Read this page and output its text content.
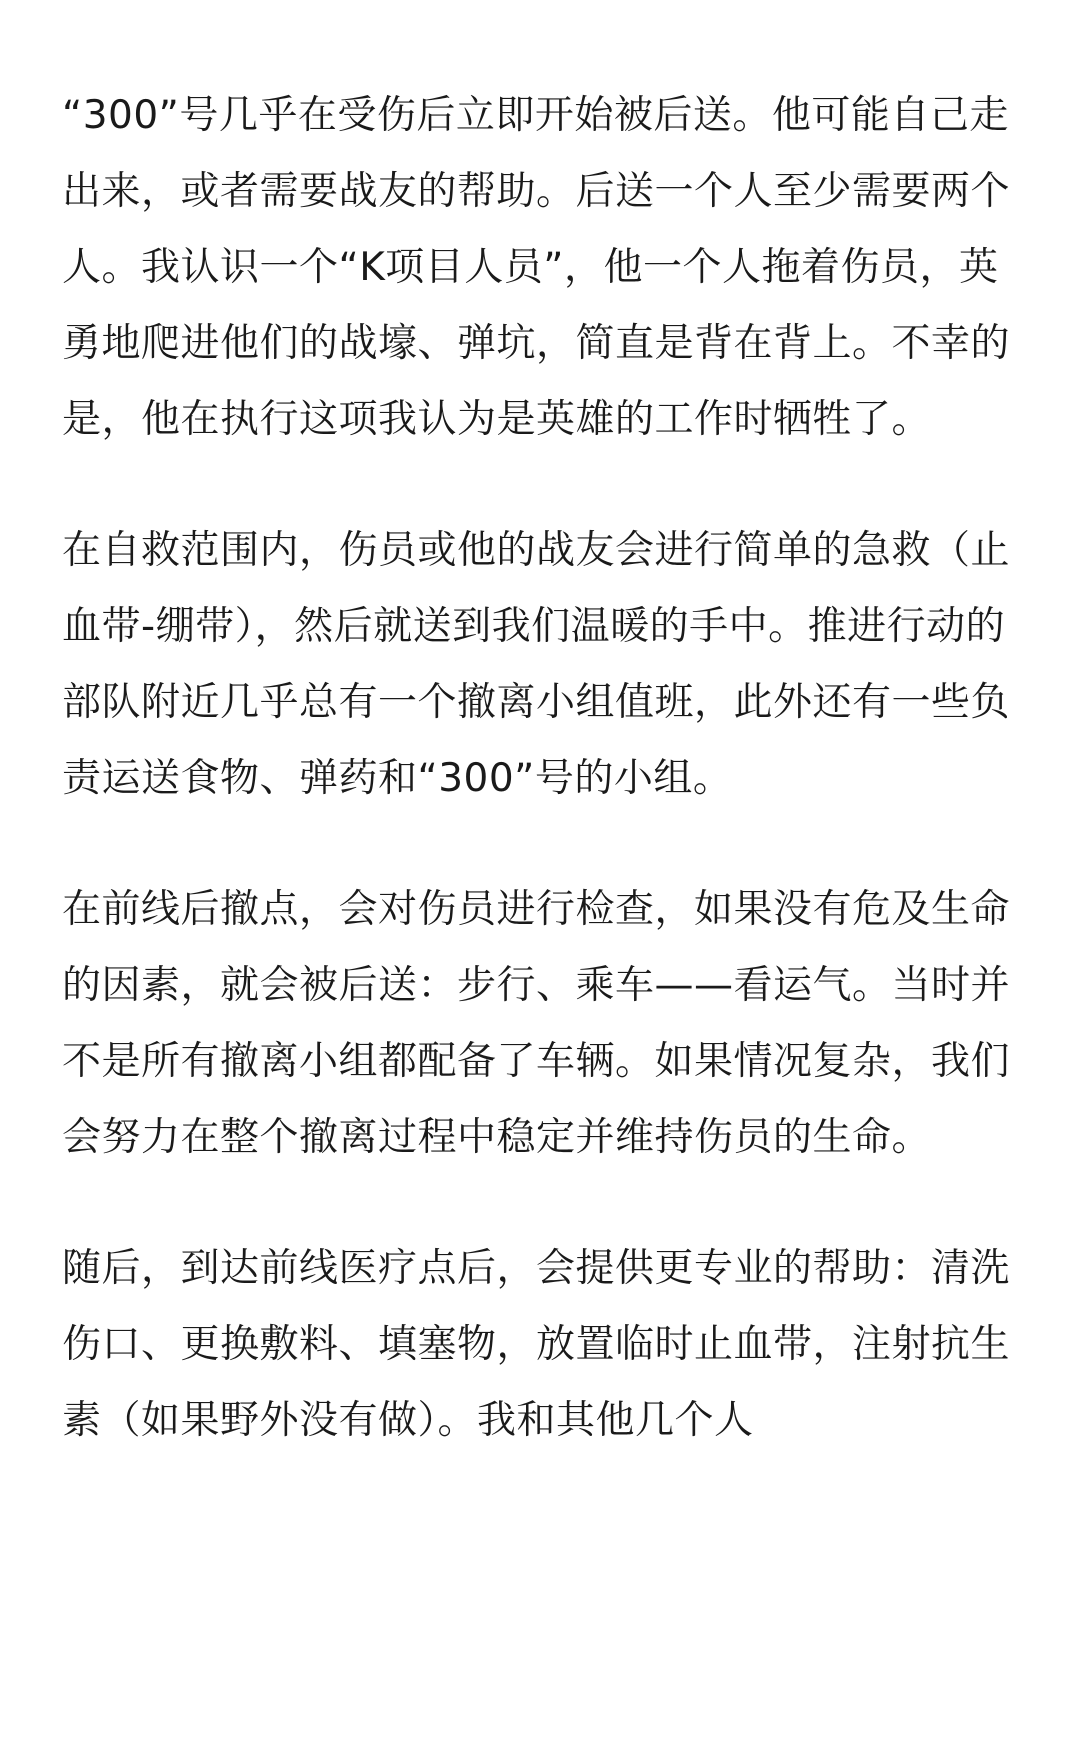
“300”号几乎在受伤后立即开始被后送。他可能自己走出来，或者需要战友的帮助。后送一个人至少需要两个人。我认识一个“K项目人员”，他一个人拖着伤员，英勇地爬进他们的战壕、弹坑，简直是背在背上。不幸的是，他在执行这项我认为是英雄的工作时牺牲了。

在自救范围内，伤员或他的战友会进行简单的急救（止血带-绷带），然后就送到我们温暖的手中。推进行动的部队附近几乎总有一个撤离小组值班，此外还有一些负责运送食物、弹药和“300”号的小组。

在前线后撤点，会对伤员进行检查，如果没有危及生命的因素，就会被后送：步行、乘车——看运气。当时并不是所有撤离小组都配备了车辆。如果情况复杂，我们会努力在整个撤离过程中稳定并维持伤员的生命。

随后，到达前线医疗点后，会提供更专业的帮助：清洗伤口、更换敷料、填塞物，放置临时止血带，注射抗生素（如果野外没有做）。我和其他几个人
